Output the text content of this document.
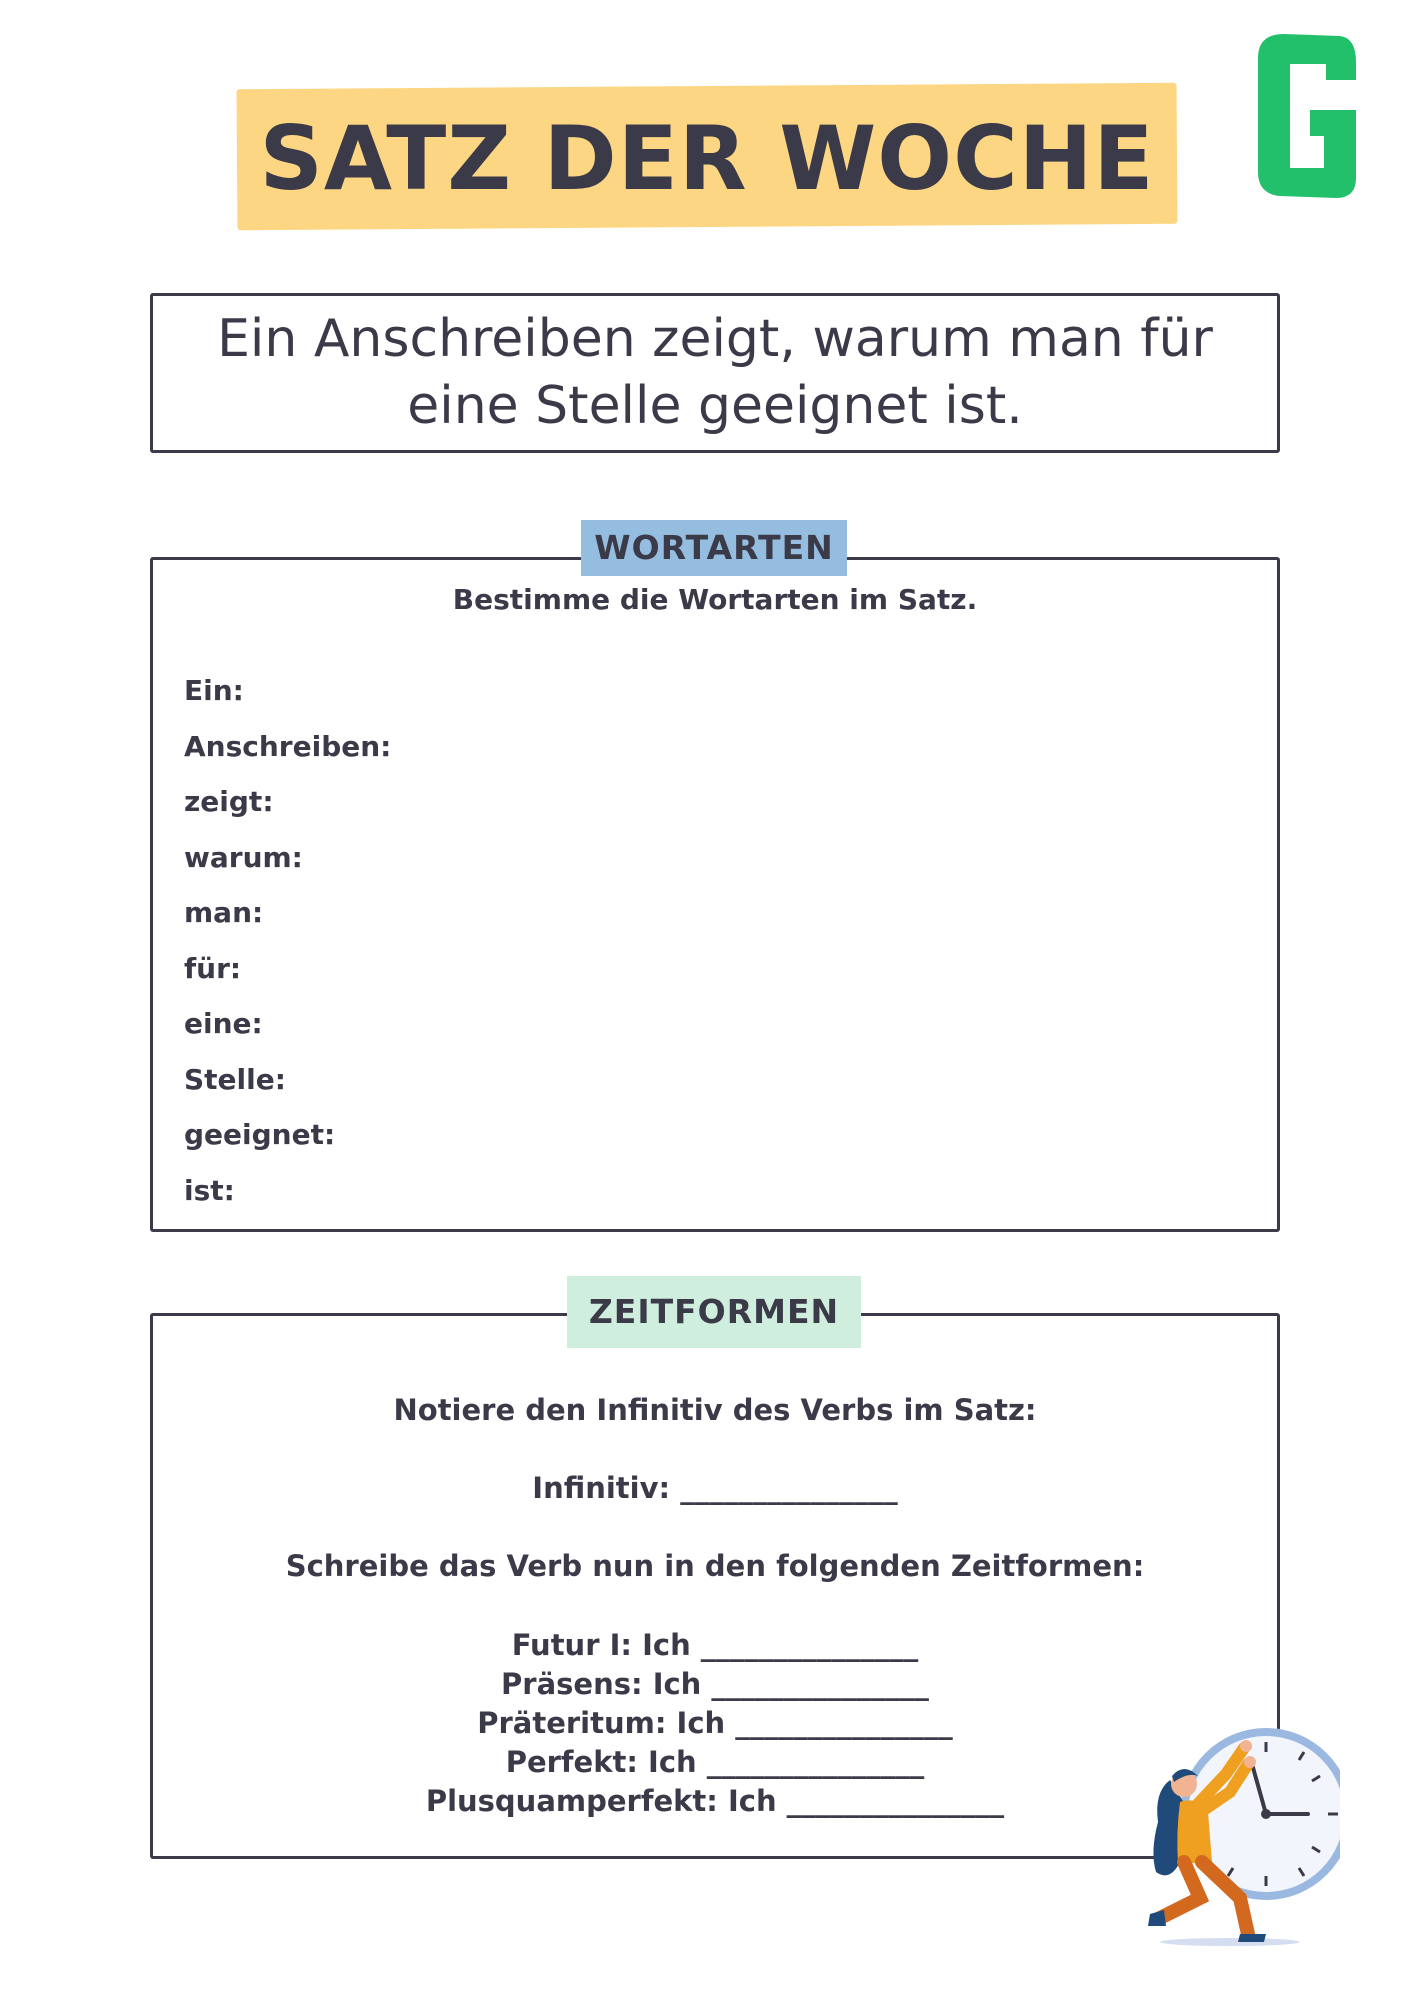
SATZ DER WOCHE	G
Ein Anschreiben zeigt, warum man für eine Stelle geeignet ist.
WORTARTEN

Bestimme die Wortarten im Satz.

Ein:
Anschreiben:
zeigt:
warum:
man:
für:
eine:
Stelle:
geeignet:
ist:
ZEITFORMEN
Notiere den Infinitiv des Verbs im Satz:
Infinitiv: _______________
Schreibe das Verb nun in den folgenden Zeitformen:
Futur I: Ich _______________
Präsens: Ich _______________
Präteritum: Ich _______________
Perfekt: Ich _______________
Plusquamperfekt: Ich _______________
